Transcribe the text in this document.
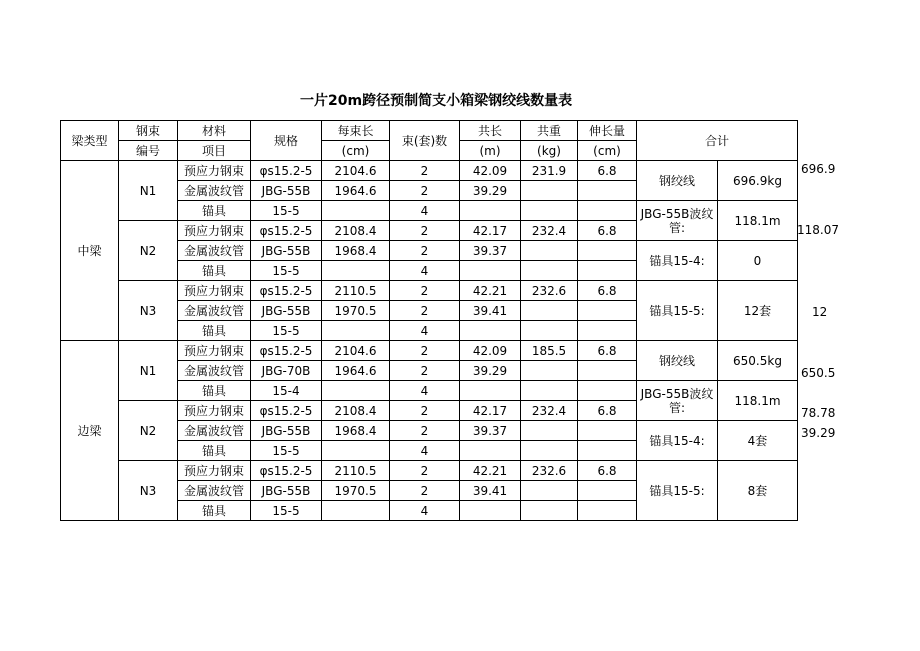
一片20m跨径预制简支小箱梁钢绞线数量表
梁类型	钢束	材料	规格	每束长	束(套)数	共长	共重	伸长量	合计	
	编号	项目		(cm)		(m)	(kg)	(cm)		
中梁	N1	预应力钢束	φs15.2-5	2104.6	2	42.09	231.9	6.8	钢绞线	696.9kg
		金属波纹管	JBG-55B	1964.6	2	39.29				
		锚具	15-5		4				JBG-55B波纹管:	118.1m
	N2	预应力钢束	φs15.2-5	2108.4	2	42.17	232.4	6.8		
		金属波纹管	JBG-55B	1968.4	2	39.37			锚具15-4:	0
		锚具	15-5		4					
	N3	预应力钢束	φs15.2-5	2110.5	2	42.21	232.6	6.8	锚具15-5:	12套
		金属波纹管	JBG-55B	1970.5	2	39.41				
		锚具	15-5		4					
边梁	N1	预应力钢束	φs15.2-5	2104.6	2	42.09	185.5	6.8	钢绞线	650.5kg
		金属波纹管	JBG-70B	1964.6	2	39.29				
		锚具	15-4		4				JBG-55B波纹管:	118.1m
	N2	预应力钢束	φs15.2-5	2108.4	2	42.17	232.4	6.8		
		金属波纹管	JBG-55B	1968.4	2	39.37			锚具15-4:	4套
		锚具	15-5		4					
	N3	预应力钢束	φs15.2-5	2110.5	2	42.21	232.6	6.8	锚具15-5:	8套
		金属波纹管	JBG-55B	1970.5	2	39.41				
		锚具	15-5		4					
696.9
118.07
12
650.5
78.78
39.29
